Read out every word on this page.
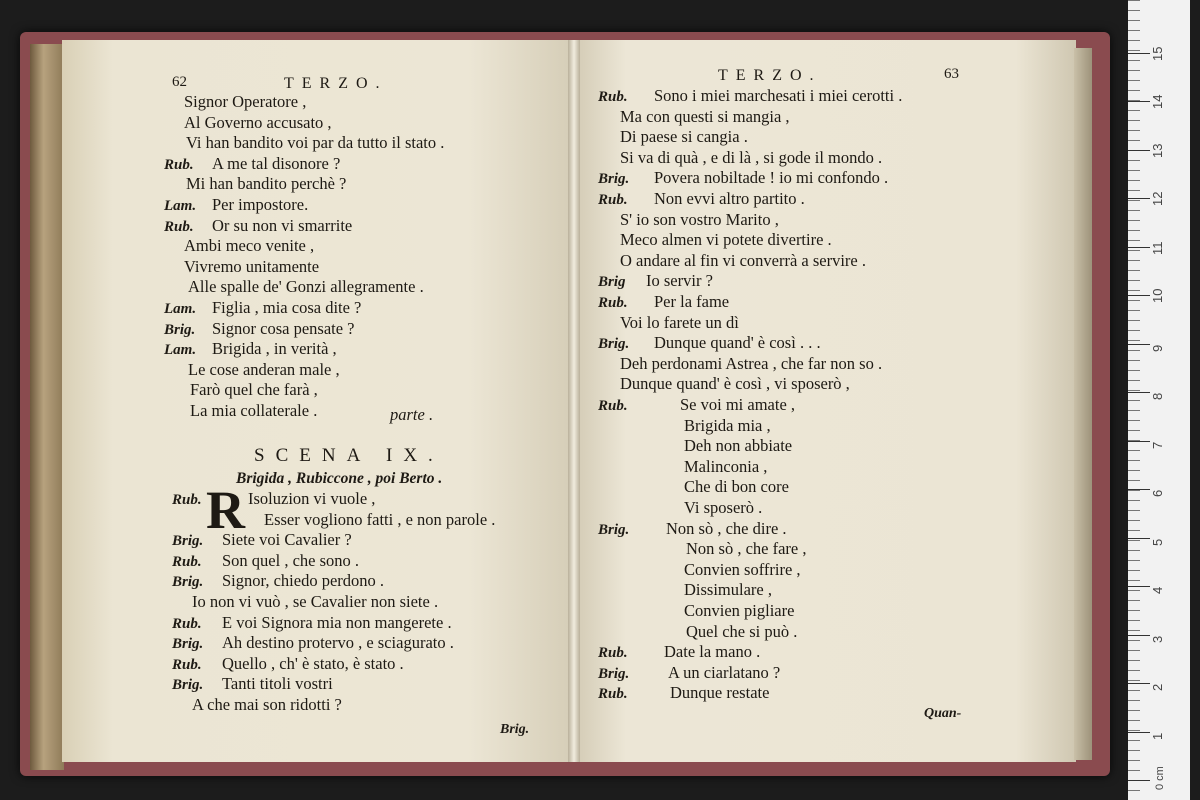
62	TERZO.
Signor Operatore ,
Al Governo accusato ,
Vi han bandito voi par da tutto il stato .
Rub. A me tal disonore ?
Mi han bandito perchè ?
Lam. Per impostore.
Rub. Or su non vi smarrite
Ambi meco venite ,
Vivremo unitamente
Alle spalle de' Gonzi allegramente .
Lam. Figlia , mia cosa dite ?
Brig. Signor cosa pensate ?
Lam. Brigida , in verità ,
Le cose anderan male ,
Farò quel che farà ,
La mia collaterale .	parte .
SCENA IX.
Brigida , Rubiccone , poi Berto .
R
Rub.	Isoluzion vi vuole ,
Esser vogliono fatti , e non parole .
Brig. Siete voi Cavalier ?
Rub. Son quel , che sono .
Brig. Signor, chiedo perdono .
Io non vi vuò , se Cavalier non siete .
Rub. E voi Signora mia non mangerete .
Brig. Ah destino protervo , e sciagurato .
Rub. Quello , ch' è stato, è stato .
Brig. Tanti titoli vostri
A che mai son ridotti ?
Brig.
TERZO.	63
Rub. Sono i miei marchesati i miei cerotti .
Ma con questi si mangia ,
Di paese si cangia .
Si va di quà , e di là , si gode il mondo .
Brig. Povera nobiltade ! io mi confondo .
Rub. Non evvi altro partito .
S' io son vostro Marito ,
Meco almen vi potete divertire .
O andare al fin vi converrà a servire .
Brig Io servir ?
Rub. Per la fame
Voi lo farete un dì
Brig. Dunque quand' è così . . .
Deh perdonami Astrea , che far non so .
Dunque quand' è così , vi sposerò ,
Rub.	Se voi mi amate ,
Brigida mia ,
Deh non abbiate
Malinconia ,
Che di bon core
Vi sposerò .
Brig. Non sò , che dire .
Non sò , che fare ,
Convien soffrire ,
Dissimulare ,
Convien pigliare
Quel che si può .
Rub. Date la mano .
Brig. A un ciarlatano ?
Rub.	Dunque restate
Quan-
0 cm
1
2
3
4
5
6
7
8
9
10
11
12
13
14
15
